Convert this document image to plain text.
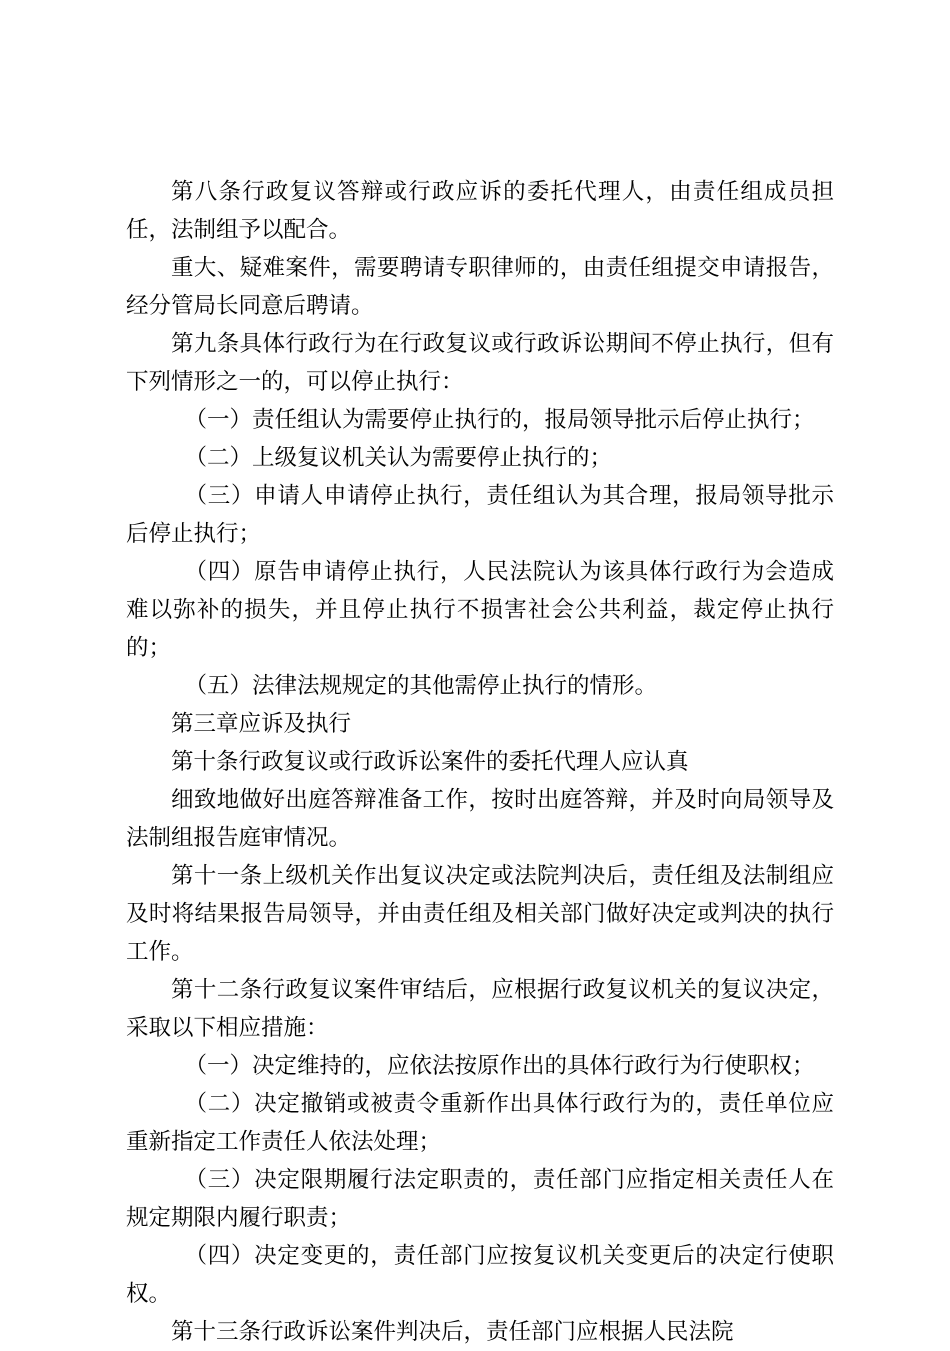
第八条行政复议答辩或行政应诉的委托代理人，由责任组成员担任，法制组予以配合。

重大、疑难案件，需要聘请专职律师的，由责任组提交申请报告，经分管局长同意后聘请。

第九条具体行政行为在行政复议或行政诉讼期间不停止执行，但有下列情形之一的，可以停止执行：

（一）责任组认为需要停止执行的，报局领导批示后停止执行；

（二）上级复议机关认为需要停止执行的；

（三）申请人申请停止执行，责任组认为其合理，报局领导批示后停止执行；

（四）原告申请停止执行，人民法院认为该具体行政行为会造成难以弥补的损失，并且停止执行不损害社会公共利益，裁定停止执行的；

（五）法律法规规定的其他需停止执行的情形。

第三章应诉及执行

第十条行政复议或行政诉讼案件的委托代理人应认真

细致地做好出庭答辩准备工作，按时出庭答辩，并及时向局领导及法制组报告庭审情况。

第十一条上级机关作出复议决定或法院判决后，责任组及法制组应及时将结果报告局领导，并由责任组及相关部门做好决定或判决的执行工作。

第十二条行政复议案件审结后，应根据行政复议机关的复议决定，采取以下相应措施：

（一）决定维持的，应依法按原作出的具体行政行为行使职权；

（二）决定撤销或被责令重新作出具体行政行为的，责任单位应重新指定工作责任人依法处理；

（三）决定限期履行法定职责的，责任部门应指定相关责任人在规定期限内履行职责；

（四）决定变更的，责任部门应按复议机关变更后的决定行使职权。

第十三条行政诉讼案件判决后，责任部门应根据人民法院
